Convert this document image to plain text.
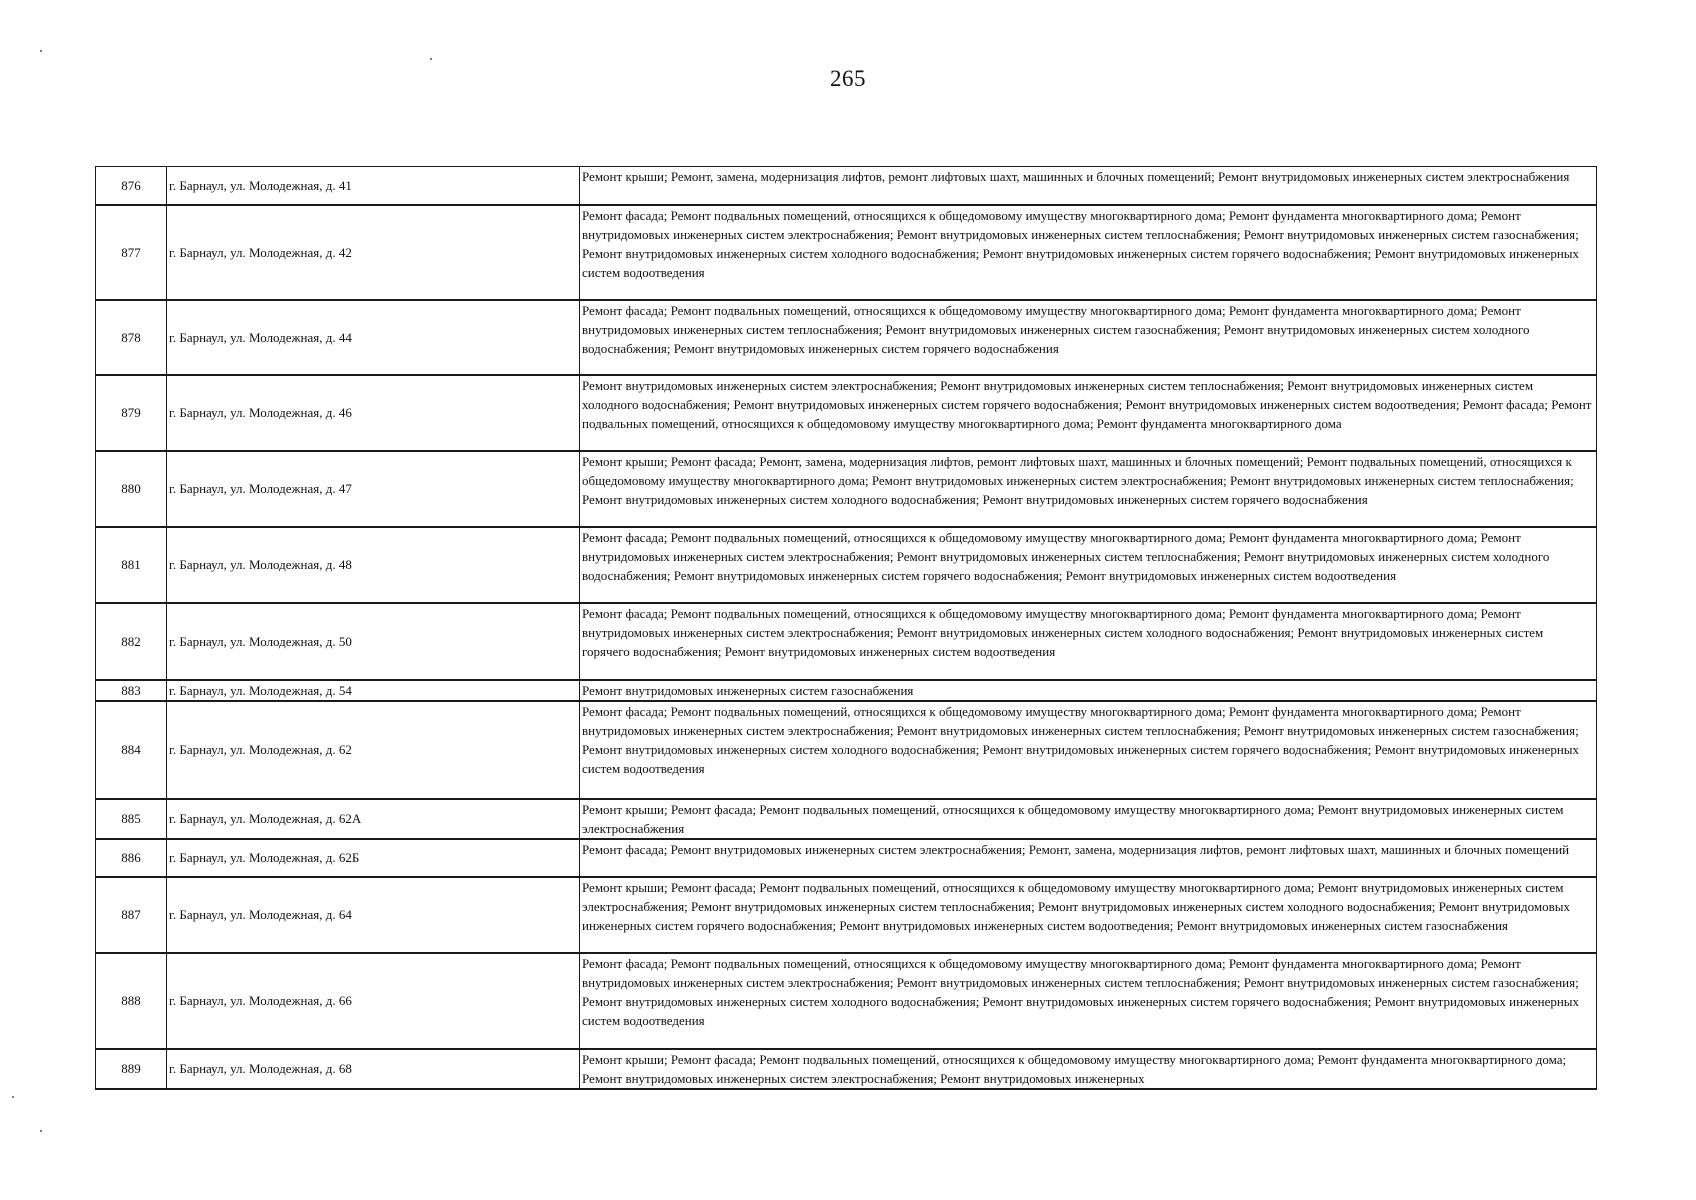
265
876	г. Барнаул, ул. Молодежная, д. 41	Ремонт крыши; Ремонт, замена, модернизация лифтов, ремонт лифтовых шахт, машинных и блочных помещений; Ремонт внутридомовых инженерных систем электроснабжения
877	г. Барнаул, ул. Молодежная, д. 42	Ремонт фасада; Ремонт подвальных помещений, относящихся к общедомовому имуществу многоквартирного дома; Ремонт фундамента многоквартирного дома; Ремонт внутридомовых инженерных систем электроснабжения; Ремонт внутридомовых инженерных систем теплоснабжения; Ремонт внутридомовых инженерных систем газоснабжения; Ремонт внутридомовых инженерных систем холодного водоснабжения; Ремонт внутридомовых инженерных систем горячего водоснабжения; Ремонт внутридомовых инженерных систем водоотведения
878	г. Барнаул, ул. Молодежная, д. 44	Ремонт фасада; Ремонт подвальных помещений, относящихся к общедомовому имуществу многоквартирного дома; Ремонт фундамента многоквартирного дома; Ремонт внутридомовых инженерных систем теплоснабжения; Ремонт внутридомовых инженерных систем газоснабжения; Ремонт внутридомовых инженерных систем холодного водоснабжения; Ремонт внутридомовых инженерных систем горячего водоснабжения
879	г. Барнаул, ул. Молодежная, д. 46	Ремонт внутридомовых инженерных систем электроснабжения; Ремонт внутридомовых инженерных систем теплоснабжения; Ремонт внутридомовых инженерных систем холодного водоснабжения; Ремонт внутридомовых инженерных систем горячего водоснабжения; Ремонт внутридомовых инженерных систем водоотведения; Ремонт фасада; Ремонт подвальных помещений, относящихся к общедомовому имуществу многоквартирного дома; Ремонт фундамента многоквартирного дома
880	г. Барнаул, ул. Молодежная, д. 47	Ремонт крыши; Ремонт фасада; Ремонт, замена, модернизация лифтов, ремонт лифтовых шахт, машинных и блочных помещений; Ремонт подвальных помещений, относящихся к общедомовому имуществу многоквартирного дома; Ремонт внутридомовых инженерных систем электроснабжения; Ремонт внутридомовых инженерных систем теплоснабжения; Ремонт внутридомовых инженерных систем холодного водоснабжения; Ремонт внутридомовых инженерных систем горячего водоснабжения
881	г. Барнаул, ул. Молодежная, д. 48	Ремонт фасада; Ремонт подвальных помещений, относящихся к общедомовому имуществу многоквартирного дома; Ремонт фундамента многоквартирного дома; Ремонт внутридомовых инженерных систем электроснабжения; Ремонт внутридомовых инженерных систем теплоснабжения; Ремонт внутридомовых инженерных систем холодного водоснабжения; Ремонт внутридомовых инженерных систем горячего водоснабжения; Ремонт внутридомовых инженерных систем водоотведения
882	г. Барнаул, ул. Молодежная, д. 50	Ремонт фасада; Ремонт подвальных помещений, относящихся к общедомовому имуществу многоквартирного дома; Ремонт фундамента многоквартирного дома; Ремонт внутридомовых инженерных систем электроснабжения; Ремонт внутридомовых инженерных систем холодного водоснабжения; Ремонт внутридомовых инженерных систем горячего водоснабжения; Ремонт внутридомовых инженерных систем водоотведения
883	г. Барнаул, ул. Молодежная, д. 54	Ремонт внутридомовых инженерных систем газоснабжения
884	г. Барнаул, ул. Молодежная, д. 62	Ремонт фасада; Ремонт подвальных помещений, относящихся к общедомовому имуществу многоквартирного дома; Ремонт фундамента многоквартирного дома; Ремонт внутридомовых инженерных систем электроснабжения; Ремонт внутридомовых инженерных систем теплоснабжения; Ремонт внутридомовых инженерных систем газоснабжения; Ремонт внутридомовых инженерных систем холодного водоснабжения; Ремонт внутридомовых инженерных систем горячего водоснабжения; Ремонт внутридомовых инженерных систем водоотведения
885	г. Барнаул, ул. Молодежная, д. 62А	Ремонт крыши; Ремонт фасада; Ремонт подвальных помещений, относящихся к общедомовому имуществу многоквартирного дома; Ремонт внутридомовых инженерных систем электроснабжения
886	г. Барнаул, ул. Молодежная, д. 62Б	Ремонт фасада; Ремонт внутридомовых инженерных систем электроснабжения; Ремонт, замена, модернизация лифтов, ремонт лифтовых шахт, машинных и блочных помещений
887	г. Барнаул, ул. Молодежная, д. 64	Ремонт крыши; Ремонт фасада; Ремонт подвальных помещений, относящихся к общедомовому имуществу многоквартирного дома; Ремонт внутридомовых инженерных систем электроснабжения; Ремонт внутридомовых инженерных систем теплоснабжения; Ремонт внутридомовых инженерных систем холодного водоснабжения; Ремонт внутридомовых инженерных систем горячего водоснабжения; Ремонт внутридомовых инженерных систем водоотведения; Ремонт внутридомовых инженерных систем газоснабжения
888	г. Барнаул, ул. Молодежная, д. 66	Ремонт фасада; Ремонт подвальных помещений, относящихся к общедомовому имуществу многоквартирного дома; Ремонт фундамента многоквартирного дома; Ремонт внутридомовых инженерных систем электроснабжения; Ремонт внутридомовых инженерных систем теплоснабжения; Ремонт внутридомовых инженерных систем газоснабжения; Ремонт внутридомовых инженерных систем холодного водоснабжения; Ремонт внутридомовых инженерных систем горячего водоснабжения; Ремонт внутридомовых инженерных систем водоотведения
889	г. Барнаул, ул. Молодежная, д. 68	Ремонт крыши; Ремонт фасада; Ремонт подвальных помещений, относящихся к общедомовому имуществу многоквартирного дома; Ремонт фундамента многоквартирного дома; Ремонт внутридомовых инженерных систем электроснабжения; Ремонт внутридомовых инженерных
